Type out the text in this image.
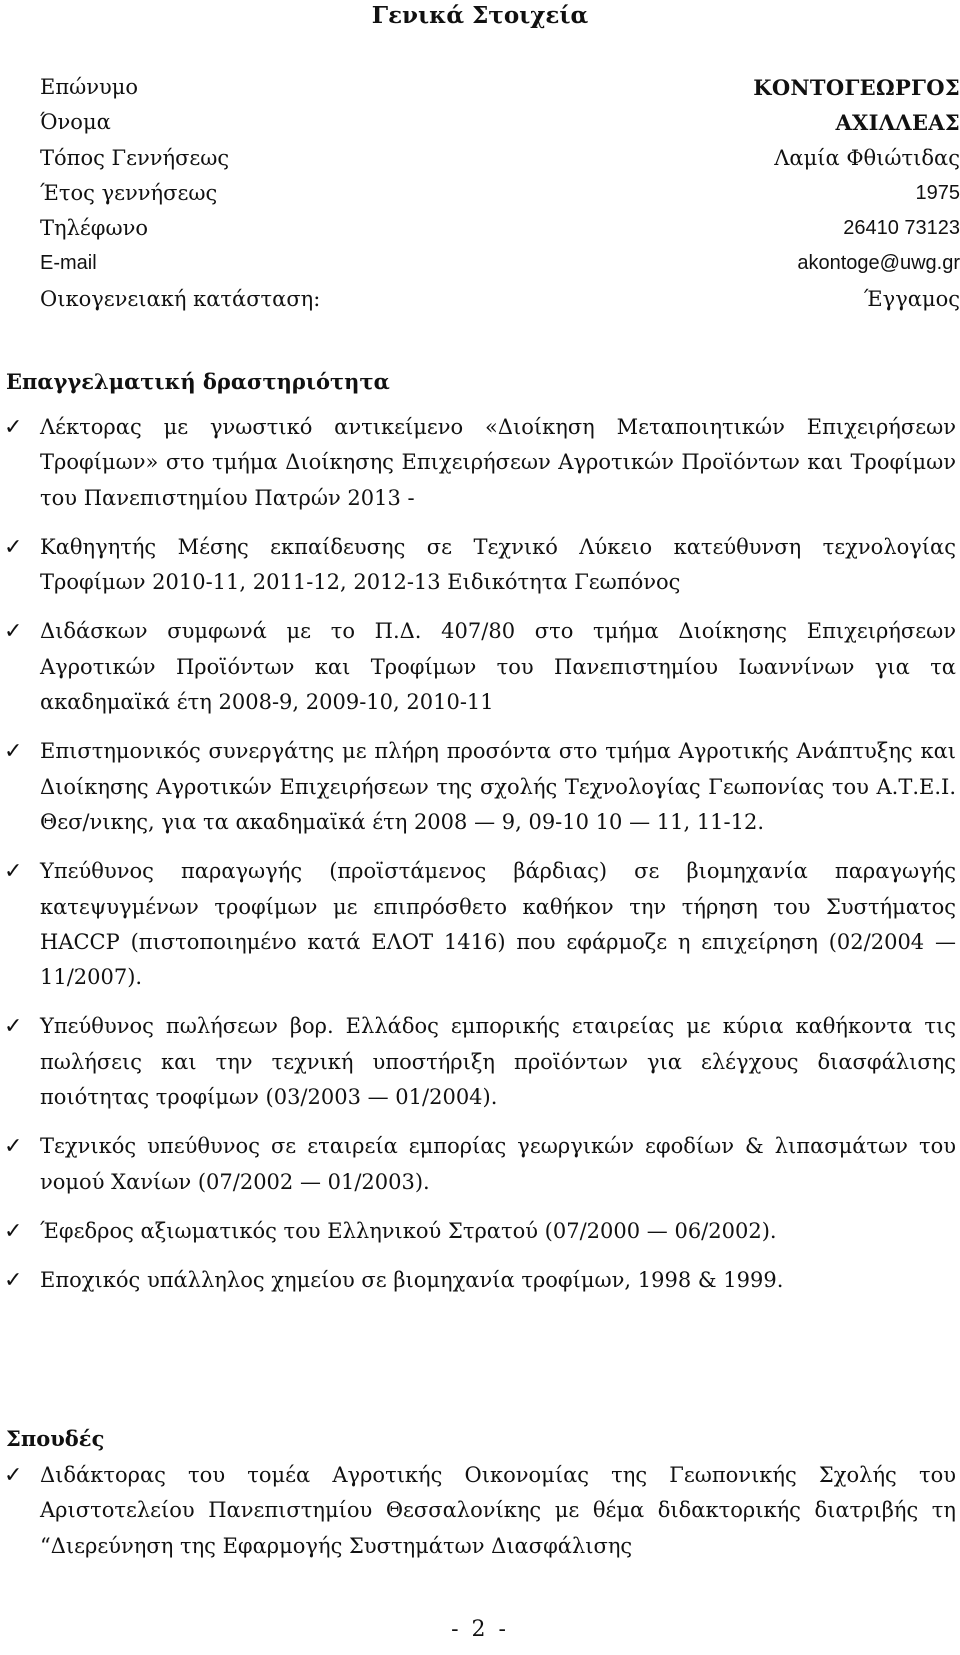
Γενικά Στοιχεία
Επώνυμο	ΚΟΝΤΟΓΕΩΡΓΟΣ
Όνομα	ΑΧΙΛΛΕΑΣ
Τόπος Γεννήσεως	Λαμία Φθιώτιδας
Έτος γεννήσεως	1975
Τηλέφωνο	26410 73123
E-mail	akontoge@uwg.gr
Οικογενειακή κατάσταση:	Έγγαμος
Επαγγελματική δραστηριότητα
✓ Λέκτορας με γνωστικό αντικείμενο «Διοίκηση Μεταποιητικών Επιχειρήσεων Τροφίμων» στο τμήμα Διοίκησης Επιχειρήσεων Αγροτικών Προϊόντων και Τροφίμων του Πανεπιστημίου Πατρών 2013 -
✓ Καθηγητής Μέσης εκπαίδευσης σε Τεχνικό Λύκειο κατεύθυνση τεχνολογίας Τροφίμων 2010-11, 2011-12, 2012-13 Ειδικότητα Γεωπόνος
✓ Διδάσκων συμφωνά με το Π.Δ. 407/80 στο τμήμα Διοίκησης Επιχειρήσεων Αγροτικών Προϊόντων και Τροφίμων του Πανεπιστημίου Ιωαννίνων για τα ακαδημαϊκά έτη 2008-9, 2009-10, 2010-11
✓ Επιστημονικός συνεργάτης με πλήρη προσόντα στο τμήμα Αγροτικής Ανάπτυξης και Διοίκησης Αγροτικών Επιχειρήσεων της σχολής Τεχνολογίας Γεωπονίας του Α.Τ.Ε.Ι. Θεσ/νικης, για τα ακαδημαϊκά έτη 2008 — 9, 09-10 10 — 11, 11-12.
✓ Υπεύθυνος παραγωγής (προϊστάμενος βάρδιας) σε βιομηχανία παραγωγής κατεψυγμένων τροφίμων με επιπρόσθετο καθήκον την τήρηση του Συστήματος HACCP (πιστοποιημένο κατά ΕΛΟΤ 1416) που εφάρμοζε η επιχείρηση (02/2004 —11/2007).
✓ Υπεύθυνος πωλήσεων βορ. Ελλάδος εμπορικής εταιρείας με κύρια καθήκοντα τις πωλήσεις και την τεχνική υποστήριξη προϊόντων για ελέγχους διασφάλισης ποιότητας τροφίμων (03/2003 — 01/2004).
✓ Τεχνικός υπεύθυνος σε εταιρεία εμπορίας γεωργικών εφοδίων & λιπασμάτων του νομού Χανίων (07/2002 — 01/2003).
✓ Έφεδρος αξιωματικός του Ελληνικού Στρατού (07/2000 — 06/2002).
✓ Εποχικός υπάλληλος χημείου σε βιομηχανία τροφίμων, 1998 & 1999.
Σπουδές
✓ Διδάκτορας του τομέα Αγροτικής Οικονομίας της Γεωπονικής Σχολής του Αριστοτελείου Πανεπιστημίου Θεσσαλονίκης με θέμα διδακτορικής διατριβής τη “Διερεύνηση της Εφαρμογής Συστημάτων Διασφάλισης
- 2 -
